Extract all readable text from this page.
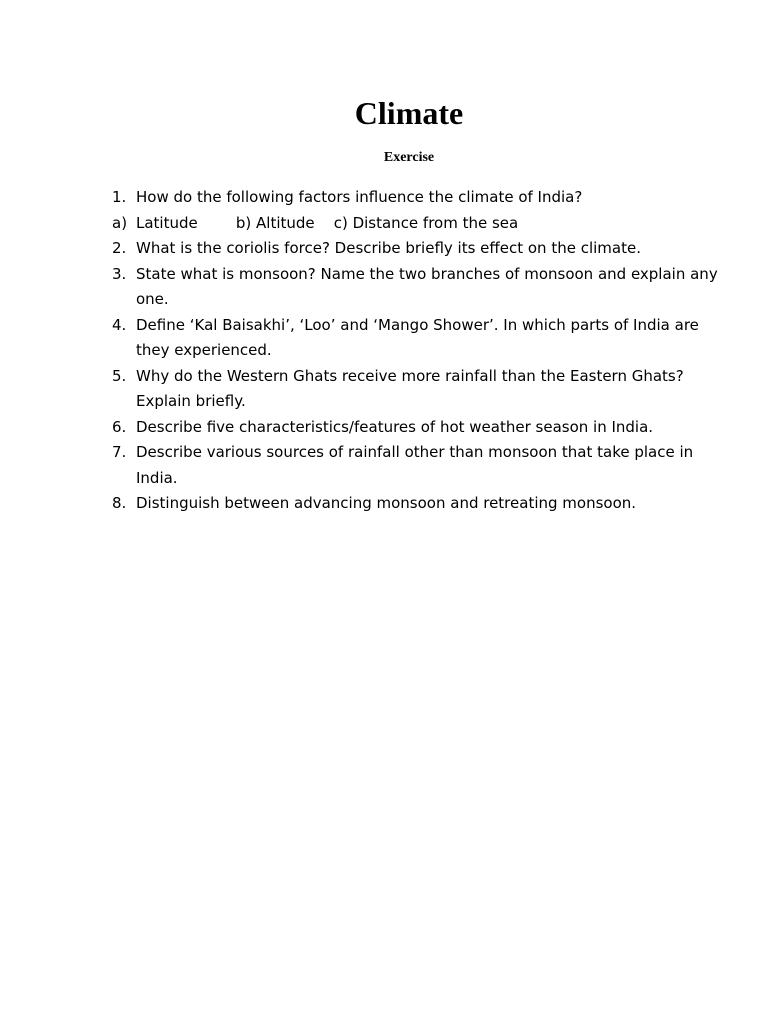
Climate
Exercise
1. How do the following factors influence the climate of India?
a) Latitude        b) Altitude    c) Distance from the sea
2. What is the coriolis force? Describe briefly its effect on the climate.
3. State what is monsoon? Name the two branches of monsoon and explain any one.
4. Define ‘Kal Baisakhi’, ‘Loo’ and ‘Mango Shower’. In which parts of India are they experienced.
5. Why do the Western Ghats receive more rainfall than the Eastern Ghats? Explain briefly.
6. Describe five characteristics/features of hot weather season in India.
7. Describe various sources of rainfall other than monsoon that take place in India.
8. Distinguish between advancing monsoon and retreating monsoon.
